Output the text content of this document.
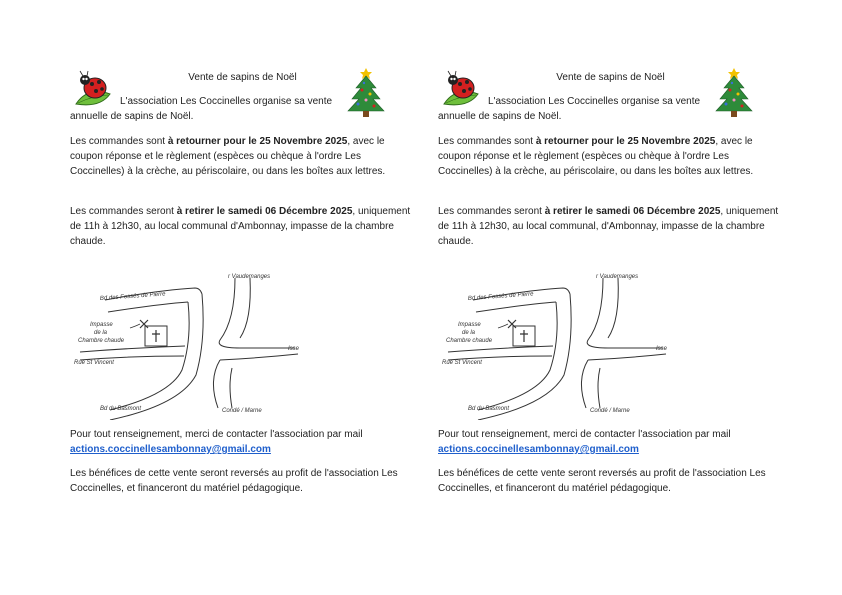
Vente de sapins de Noël

L'association Les Coccinelles organise sa vente
annuelle de sapins de Noël.

Les commandes sont à retourner pour le 25 Novembre 2025, avec le coupon réponse et le règlement (espèces ou chèque à l'ordre Les Coccinelles) à la crèche, au périscolaire, ou dans les boîtes aux lettres.

Les commandes seront à retirer le samedi 06 Décembre 2025, uniquement de 11h à 12h30, au local communal d'Ambonnay, impasse de la chambre chaude.

r Vaudemanges
Bd des Fossés de Pierre
Impasse
de la
Chambre chaude
Rue St Vincent
Isse
Bd du Basmont	Condé / Marne

Pour tout renseignement, merci de contacter l'association par mail
actions.coccinellesambonnay@gmail.com

Les bénéfices de cette vente seront reversés au profit de l'association Les Coccinelles, et financeront du matériel pédagogique.

Vente de sapins de Noël

L'association Les Coccinelles organise sa vente
annuelle de sapins de Noël.

Les commandes sont à retourner pour le 25 Novembre 2025, avec le coupon réponse et le règlement (espèces ou chèque à l'ordre Les Coccinelles) à la crèche, au périscolaire, ou dans les boîtes aux lettres.

Les commandes seront à retirer le samedi 06 Décembre 2025, uniquement de 11h à 12h30, au local communal, d'Ambonnay, impasse de la chambre chaude.

r Vaudemanges
Bd des Fossés de Pierre
Impasse
de la
Chambre chaude
Rue St Vincent
Isse
Bd du Basmont	Condé / Marne

Pour tout renseignement, merci de contacter l'association par mail
actions.coccinellesambonnay@gmail.com

Les bénéfices de cette vente seront reversés au profit de l'association Les Coccinelles, et financeront du matériel pédagogique.
